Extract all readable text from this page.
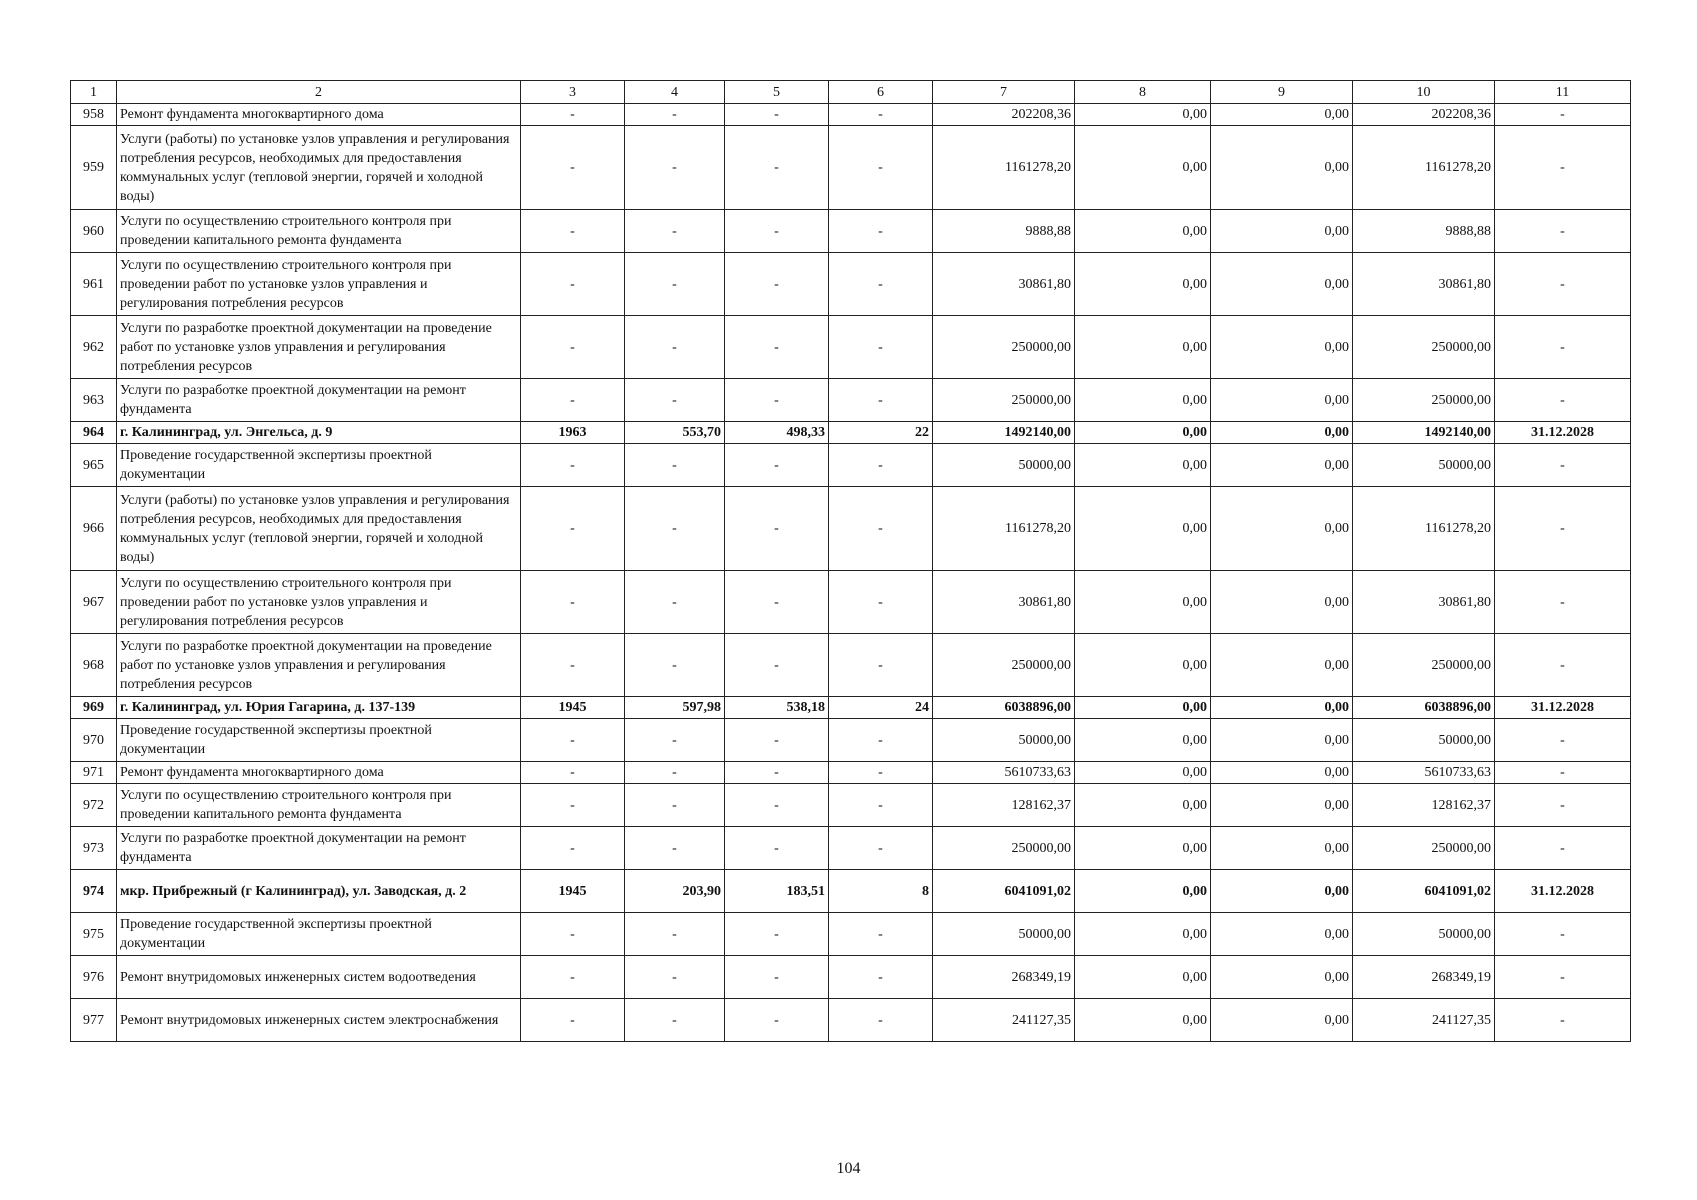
1	2	3	4	5	6	7	8	9	10	11
958	Ремонт фундамента многоквартирного дома	-	-	-	-	202208,36	0,00	0,00	202208,36	-
959	Услуги (работы) по установке узлов управления и регулирования потребления ресурсов, необходимых для предоставления коммунальных услуг (тепловой энергии, горячей и холодной воды)	-	-	-	-	1161278,20	0,00	0,00	1161278,20	-
960	Услуги по осуществлению строительного контроля при проведении капитального ремонта фундамента	-	-	-	-	9888,88	0,00	0,00	9888,88	-
961	Услуги по осуществлению строительного контроля при проведении работ по установке узлов управления и регулирования потребления ресурсов	-	-	-	-	30861,80	0,00	0,00	30861,80	-
962	Услуги по разработке проектной документации на проведение работ по установке узлов управления и регулирования потребления ресурсов	-	-	-	-	250000,00	0,00	0,00	250000,00	-
963	Услуги по разработке проектной документации на ремонт фундамента	-	-	-	-	250000,00	0,00	0,00	250000,00	-
964	г. Калининград, ул. Энгельса, д. 9	1963	553,70	498,33	22	1492140,00	0,00	0,00	1492140,00	31.12.2028
965	Проведение государственной экспертизы проектной документации	-	-	-	-	50000,00	0,00	0,00	50000,00	-
966	Услуги (работы) по установке узлов управления и регулирования потребления ресурсов, необходимых для предоставления коммунальных услуг (тепловой энергии, горячей и холодной воды)	-	-	-	-	1161278,20	0,00	0,00	1161278,20	-
967	Услуги по осуществлению строительного контроля при проведении работ по установке узлов управления и регулирования потребления ресурсов	-	-	-	-	30861,80	0,00	0,00	30861,80	-
968	Услуги по разработке проектной документации на проведение работ по установке узлов управления и регулирования потребления ресурсов	-	-	-	-	250000,00	0,00	0,00	250000,00	-
969	г. Калининград, ул. Юрия Гагарина, д. 137-139	1945	597,98	538,18	24	6038896,00	0,00	0,00	6038896,00	31.12.2028
970	Проведение государственной экспертизы проектной документации	-	-	-	-	50000,00	0,00	0,00	50000,00	-
971	Ремонт фундамента многоквартирного дома	-	-	-	-	5610733,63	0,00	0,00	5610733,63	-
972	Услуги по осуществлению строительного контроля при проведении капитального ремонта фундамента	-	-	-	-	128162,37	0,00	0,00	128162,37	-
973	Услуги по разработке проектной документации на ремонт фундамента	-	-	-	-	250000,00	0,00	0,00	250000,00	-
974	мкр. Прибрежный (г Калининград), ул. Заводская, д. 2	1945	203,90	183,51	8	6041091,02	0,00	0,00	6041091,02	31.12.2028
975	Проведение государственной экспертизы проектной документации	-	-	-	-	50000,00	0,00	0,00	50000,00	-
976	Ремонт внутридомовых инженерных систем водоотведения	-	-	-	-	268349,19	0,00	0,00	268349,19	-
977	Ремонт внутридомовых инженерных систем электроснабжения	-	-	-	-	241127,35	0,00	0,00	241127,35	-
104
